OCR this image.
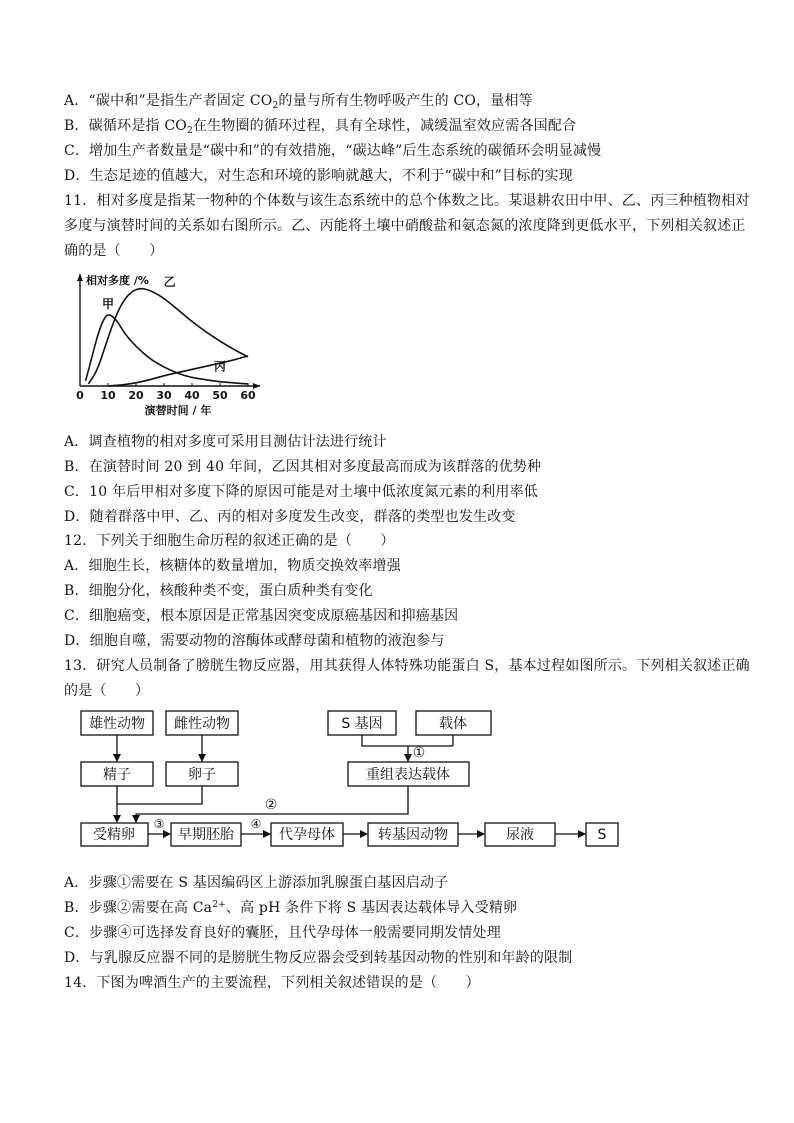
A．“碳中和”是指生产者固定 $CO_2$的量与所有生物呼吸产生的 CO，量相等
B．碳循环是指 $CO_2$在生物圈的循环过程，具有全球性，减缓温室效应需各国配合
C．增加生产者数量是“碳中和”的有效措施，“碳达峰”后生态系统的碳循环会明显减慢
D．生态足迹的值越大，对生态和环境的影响就越大，不利于“碳中和”目标的实现
11．相对多度是指某一物种的个体数与该生态系统中的总个体数之比。某退耕农田中甲、乙、丙三种植物相对
多度与演替时间的关系如右图所示。乙、丙能将土壤中硝酸盐和氨态氮的浓度降到更低水平，下列相关叙述正
确的是（　　）
0 10 20 30 40 50 60
相对多度 /%
演替时间 / 年
甲
乙
丙
A．调查植物的相对多度可采用目测估计法进行统计
B．在演替时间 20 到 40 年间，乙因其相对多度最高而成为该群落的优势种
C．10 年后甲相对多度下降的原因可能是对土壤中低浓度氮元素的利用率低
D．随着群落中甲、乙、丙的相对多度发生改变，群落的类型也发生改变
12．下列关于细胞生命历程的叙述正确的是（　　）
A．细胞生长，核糖体的数量增加，物质交换效率增强
B．细胞分化，核酸种类不变，蛋白质种类有变化
C．细胞癌变，根本原因是正常基因突变成原癌基因和抑癌基因
D．细胞自噬，需要动物的溶酶体或酵母菌和植物的液泡参与
13．研究人员制备了膀胱生物反应器，用其获得人体特殊功能蛋白 S，基本过程如图所示。下列相关叙述正确
的是（　　）
雄性动物 雌性动物
精子	卵子
S 基因	载体
重组表达载体
受精卵	早期胚胎	代孕母体	转基因动物	尿液	S
①
②
③	④
A．步骤①需要在 S 基因编码区上游添加乳腺蛋白基因启动子
B．步骤②需要在高 $Ca^{2+}$、高 pH 条件下将 S 基因表达载体导入受精卵
C．步骤④可选择发育良好的囊胚，且代孕母体一般需要同期发情处理
D．与乳腺反应器不同的是膀胱生物反应器会受到转基因动物的性别和年龄的限制
14．下图为啤酒生产的主要流程，下列相关叙述错误的是（　　）
